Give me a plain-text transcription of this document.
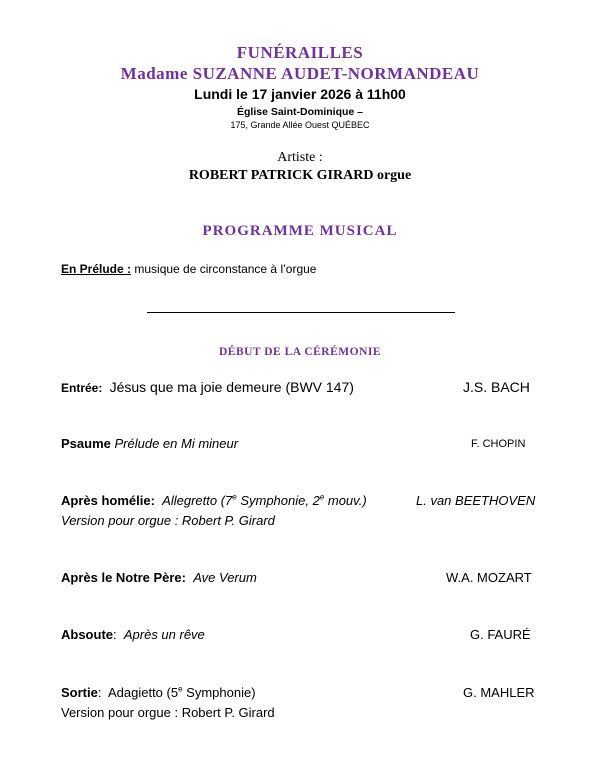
FUNÉRAILLES
Madame SUZANNE AUDET-NORMANDEAU
Lundi le 17 janvier 2026 à 11h00
Église Saint-Dominique –
175, Grande Allée Ouest QUÉBEC
Artiste :
ROBERT PATRICK GIRARD orgue
PROGRAMME MUSICAL
En Prélude : musique de circonstance à l’orgue
DÉBUT DE LA CÉRÉMONIE
Entrée: Jésus que ma joie demeure (BWV 147)	J.S. BACH
Psaume Prélude en Mi mineur	F. CHOPIN
Après homélie: Allegretto (7e Symphonie, 2e mouv.)	L. van BEETHOVEN
Version pour orgue : Robert P. Girard
Après le Notre Père: Ave Verum	W.A. MOZART
Absoute: Après un rêve	G. FAURÉ
Sortie: Adagietto (5e Symphonie)	G. MAHLER
Version pour orgue : Robert P. Girard
